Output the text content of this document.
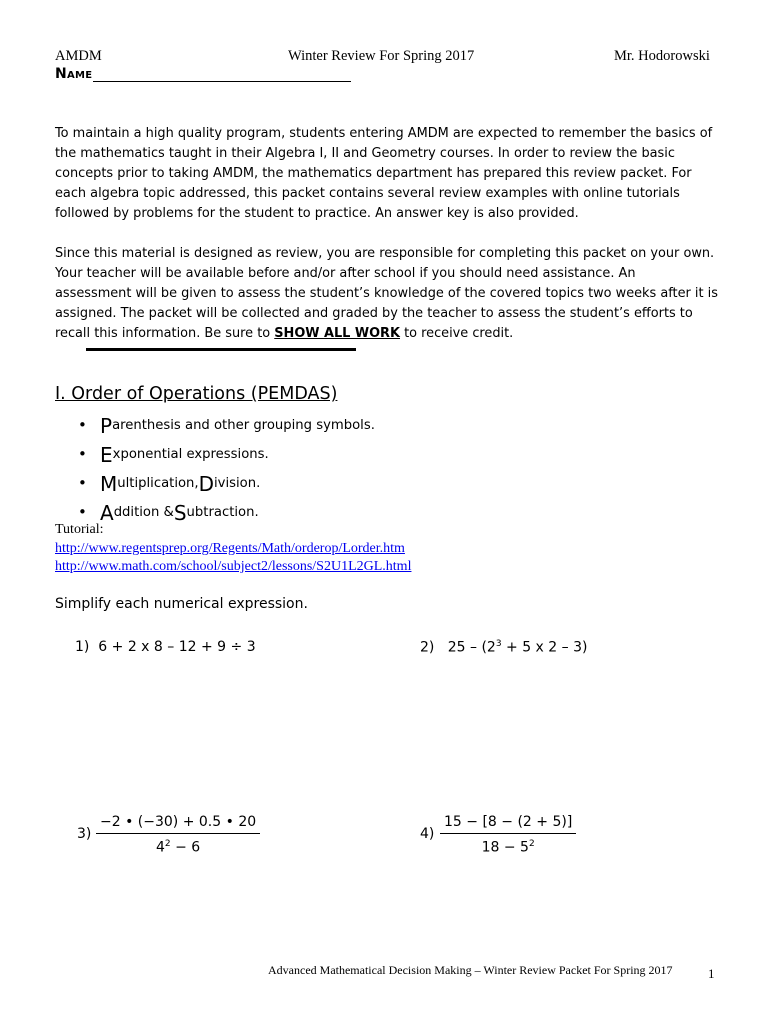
AMDM	Winter Review For Spring 2017	Mr. Hodorowski
Name

To maintain a high quality program, students entering AMDM are expected to remember the basics of

the mathematics taught in their Algebra I, II and Geometry courses. In order to review the basic

concepts prior to taking AMDM, the mathematics department has prepared this review packet. For

each algebra topic addressed, this packet contains several review examples with online tutorials

followed by problems for the student to practice. An answer key is also provided.

Since this material is designed as review, you are responsible for completing this packet on your own.

Your teacher will be available before and/or after school if you should need assistance. An

assessment will be given to assess the student’s knowledge of the covered topics two weeks after it is

assigned. The packet will be collected and graded by the teacher to assess the student’s efforts to

recall this information. Be sure to SHOW ALL WORK to receive credit.

I. Order of Operations (PEMDAS)
• P arenthesis and other grouping symbols.
• E xponential expressions.
• M ultiplication, D ivision.
• A ddition & S ubtraction.
Tutorial:
http://www.regentsprep.org/Regents/Math/orderop/Lorder.htm
http://www.math.com/school/subject2/lessons/S2U1L2GL.html
Simplify each numerical expression.
1) 6 + 2 x 8 – 12 + 9 ÷ 3	2) $25 - (2^3 + 5$ x 2 – 3)
3)
−2 • (−30) + 0.5 • 20
$4^2 - 6$
4)
15 − [8 − (2 + 5)]
$18 - 5^2$
Advanced Mathematical Decision Making – Winter Review Packet For Spring 2017	1
